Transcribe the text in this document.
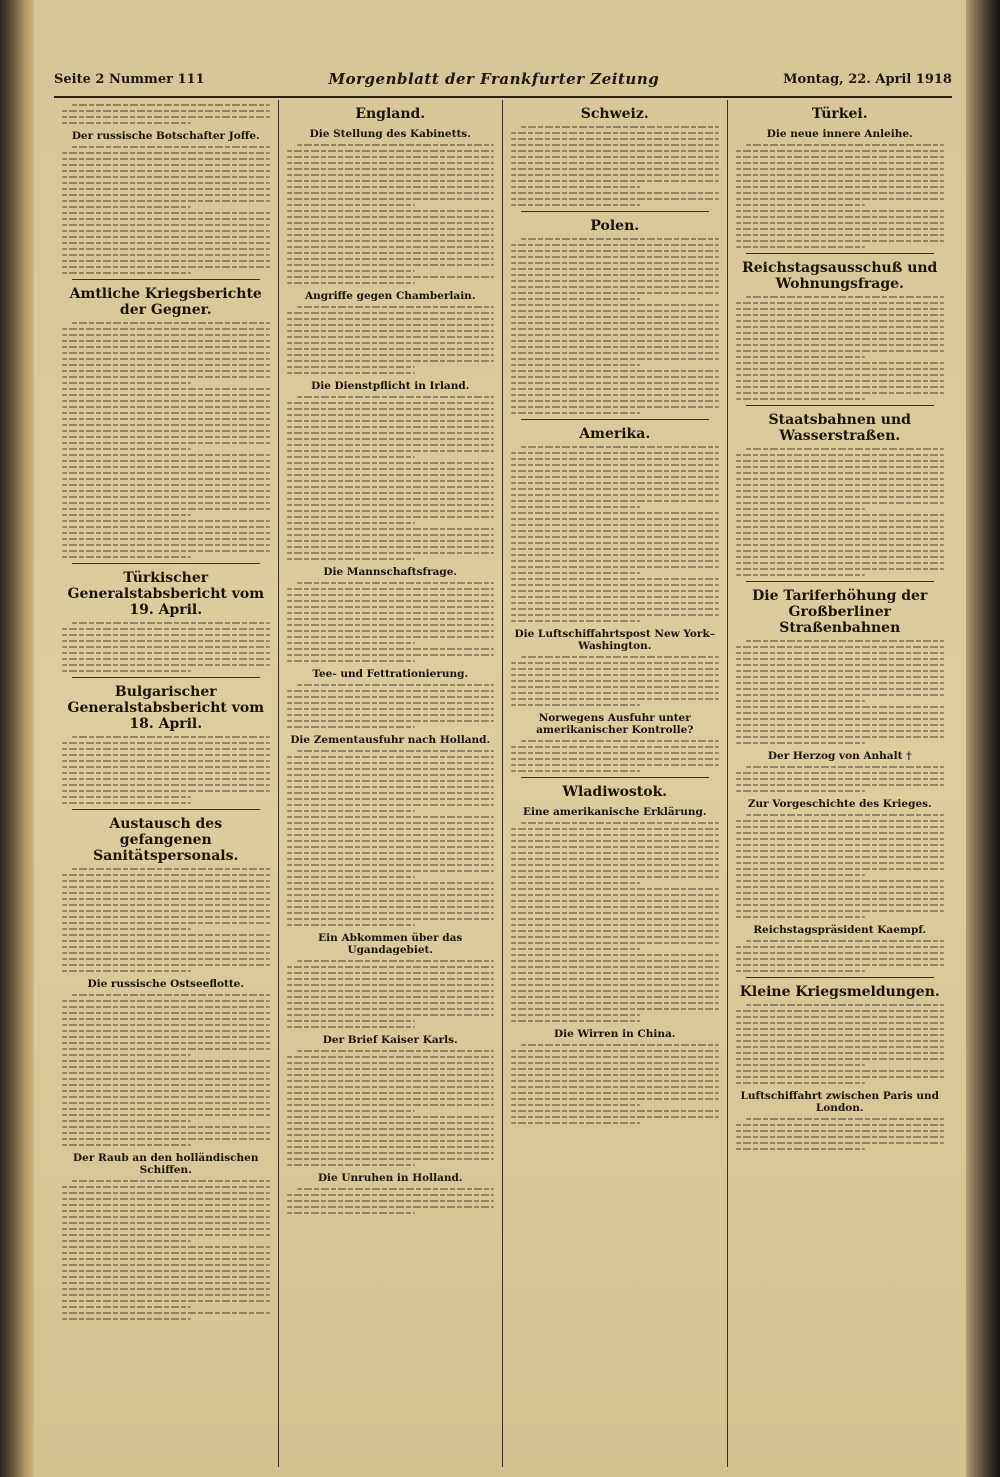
Seite 2 Nummer 111	Morgenblatt der Frankfurter Zeitung	Montag, 22. April 1918
Der russische Botschafter Joffe.
Amtliche Kriegsberichte der Gegner.
Türkischer Generalstabsbericht vom 19. April.
Bulgarischer Generalstabsbericht vom 18. April.
Austausch des gefangenen Sanitätspersonals.
Die russische Ostseeflotte.
Der Raub an den holländischen Schiffen.
England.
Die Stellung des Kabinetts.
Angriffe gegen Chamberlain.
Die Dienstpflicht in Irland.
Die Mannschaftsfrage.
Tee- und Fettrationierung.
Die Zementausfuhr nach Holland.
Ein Abkommen über das Ugandagebiet.
Der Brief Kaiser Karls.
Die Unruhen in Holland.
Schweiz.
Polen.
Amerika.
Die Luftschiffahrtspost New York–Washington.
Norwegens Ausfuhr unter amerikanischer Kontrolle?
Wladiwostok.
Eine amerikanische Erklärung.
Die Wirren in China.
Türkei.
Die neue innere Anleihe.
Reichstagsausschuß und Wohnungsfrage.
Staatsbahnen und Wasserstraßen.
Die Tariferhöhung der Großberliner Straßenbahnen
Der Herzog von Anhalt †
Zur Vorgeschichte des Krieges.
Reichstagspräsident Kaempf.
Kleine Kriegsmeldungen.
Luftschiffahrt zwischen Paris und London.
